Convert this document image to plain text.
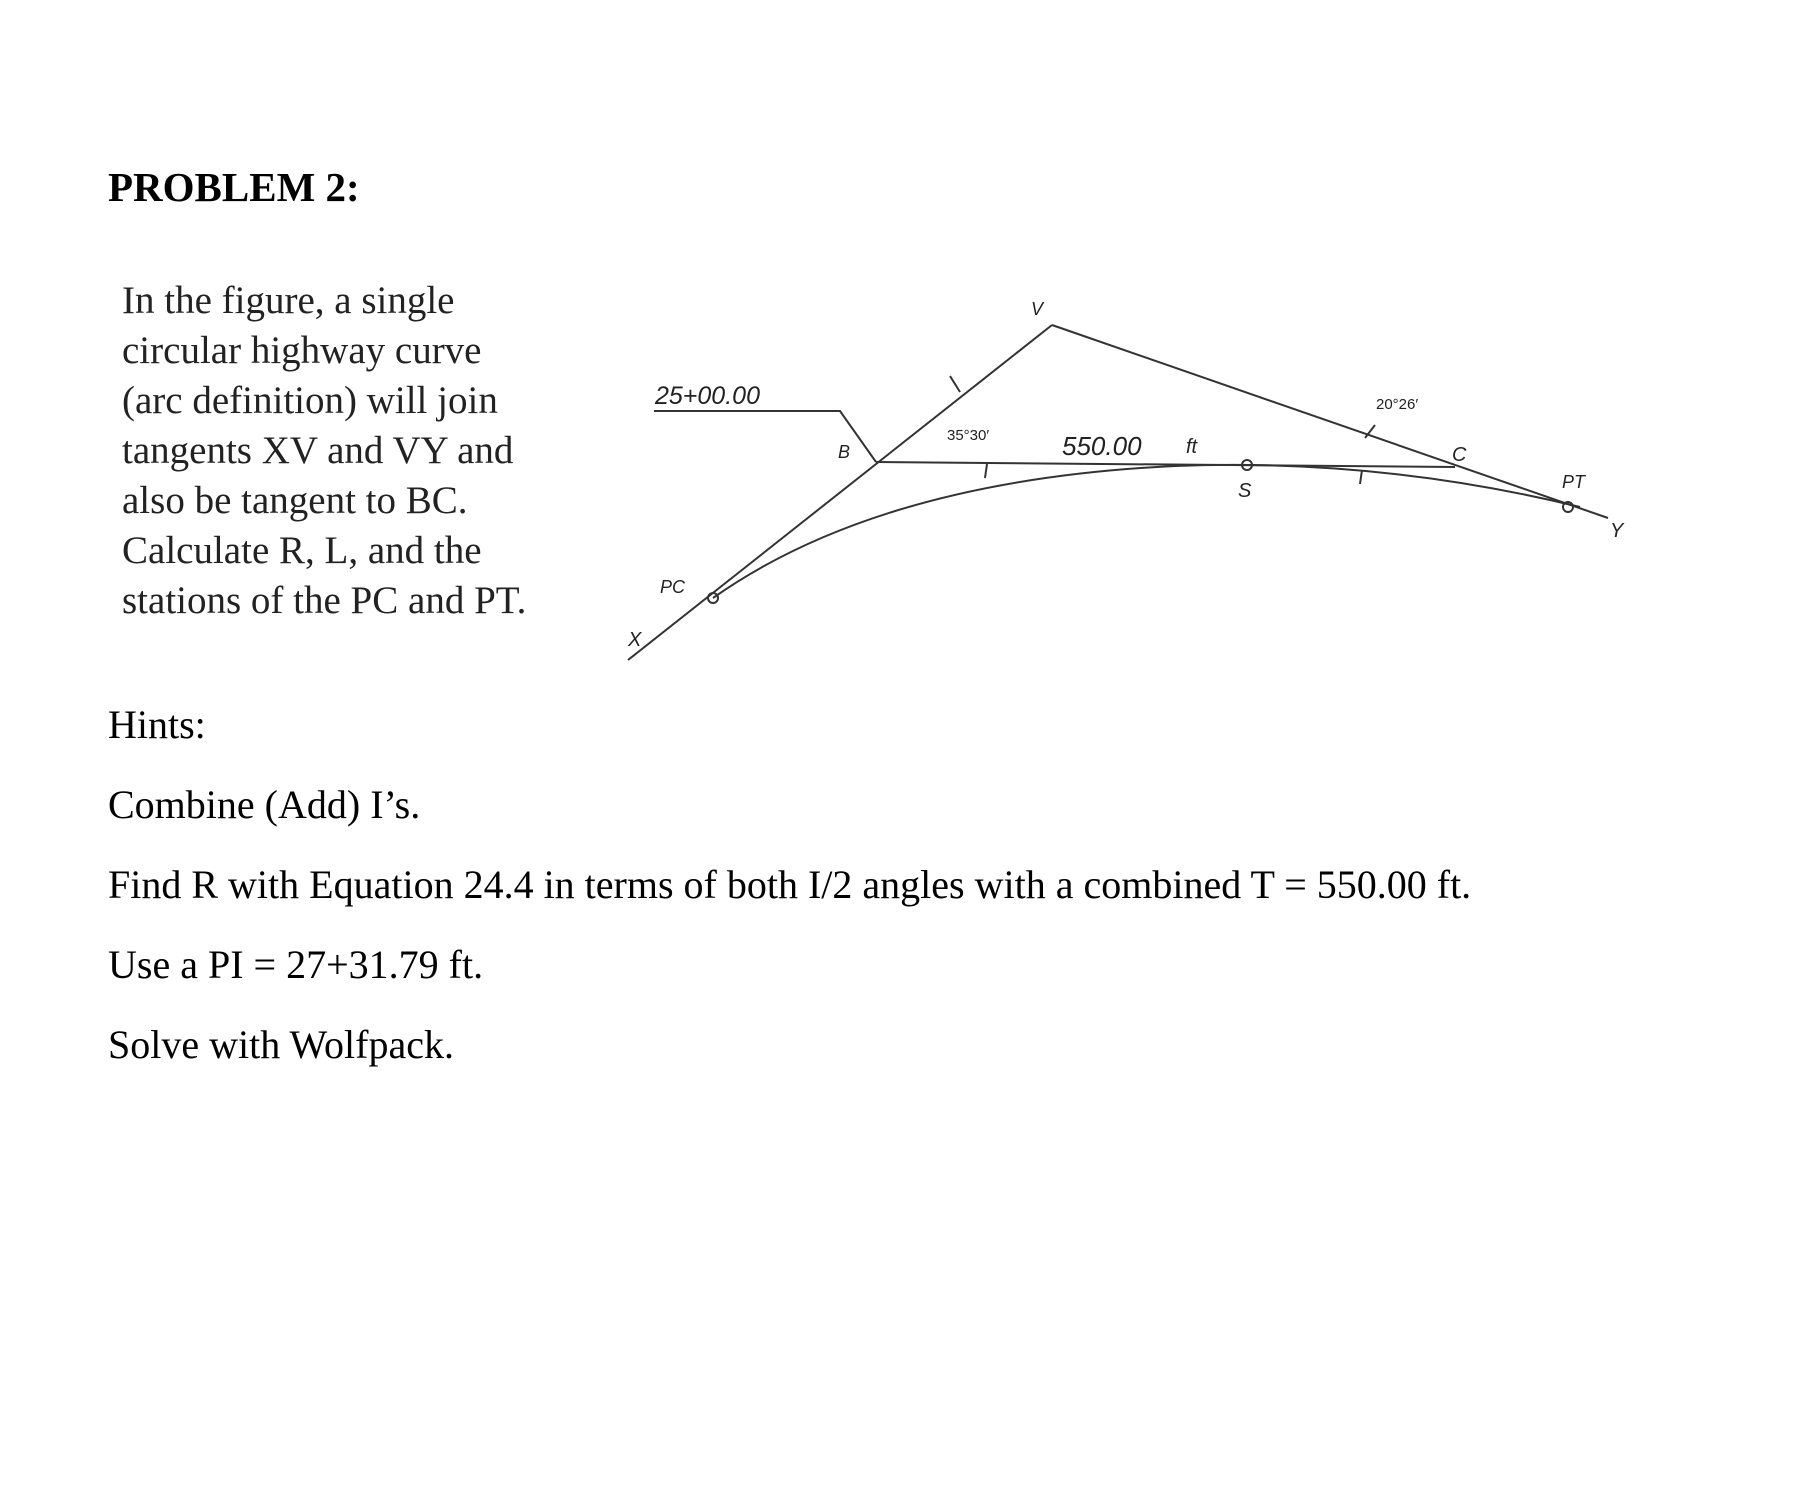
PROBLEM 2:
In the figure, a single
circular highway curve
(arc definition) will join
tangents XV and VY and
also be tangent to BC.
Calculate R, L, and the
stations of the PC and PT.
25+00.00
35°30′
20°26′
550.00 ft
V
B	C
S
PC
PT
X
Y

Hints:

Combine (Add) I’s.

Find R with Equation 24.4 in terms of both I/2 angles with a combined T = 550.00 ft.

Use a PI = 27+31.79 ft.

Solve with Wolfpack.
